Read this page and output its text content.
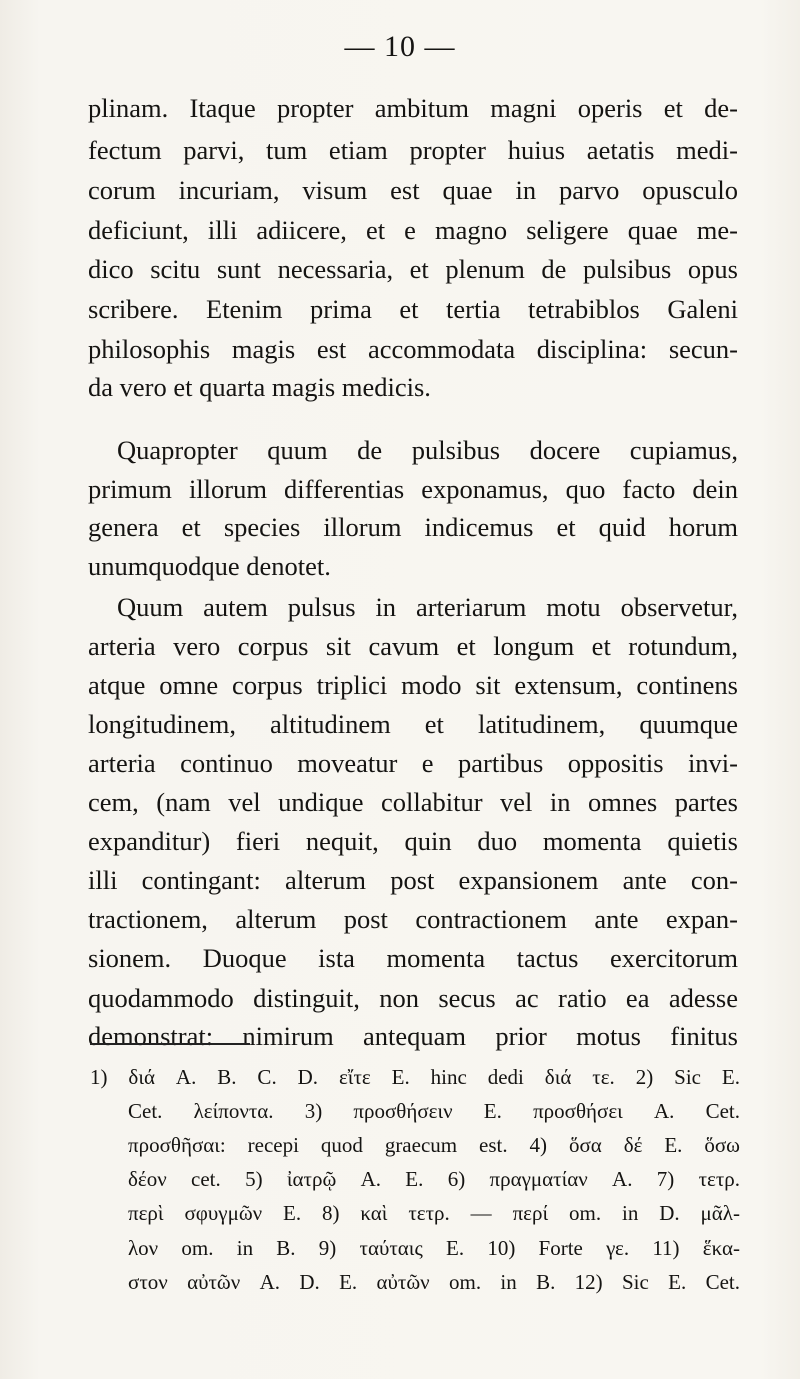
— 10 —
plinam. Itaque propter ambitum magni operis et de-
fectum parvi, tum etiam propter huius aetatis medi-
corum incuriam, visum est quae in parvo opusculo
deficiunt, illi adiicere, et e magno seligere quae me-
dico scitu sunt necessaria, et plenum de pulsibus opus
scribere. Etenim prima et tertia tetrabiblos Galeni
philosophis magis est accommodata disciplina: secun-
da vero et quarta magis medicis.
Quapropter quum de pulsibus docere cupiamus,
primum illorum differentias exponamus, quo facto dein
genera et species illorum indicemus et quid horum
unumquodque denotet.
Quum autem pulsus in arteriarum motu observetur,
arteria vero corpus sit cavum et longum et rotundum,
atque omne corpus triplici modo sit extensum, continens
longitudinem, altitudinem et latitudinem, quumque
arteria continuo moveatur e partibus oppositis invi-
cem, (nam vel undique collabitur vel in omnes partes
expanditur) fieri nequit, quin duo momenta quietis
illi contingant: alterum post expansionem ante con-
tractionem, alterum post contractionem ante expan-
sionem. Duoque ista momenta tactus exercitorum
quodammodo distinguit, non secus ac ratio ea adesse
demonstrat: nimirum antequam prior motus finitus
1) διά A. B. C. D. εἴτε E. hinc dedi διά τε. 2) Sic E.
Cet. λείποντα. 3) προσθήσειν E. προσθήσει A. Cet.
προσθῆσαι: recepi quod graecum est. 4) ὅσα δέ E. ὅσω
δέον cet. 5) ἰατρῷ A. E. 6) πραγματίαν A. 7) τετρ.
περὶ σφυγμῶν E. 8) καὶ τετρ. — περί om. in D. μᾶλ-
λον om. in B. 9) ταύταις E. 10) Forte γε. 11) ἕκα-
στον αὐτῶν A. D. E. αὐτῶν om. in B. 12) Sic E. Cet.
